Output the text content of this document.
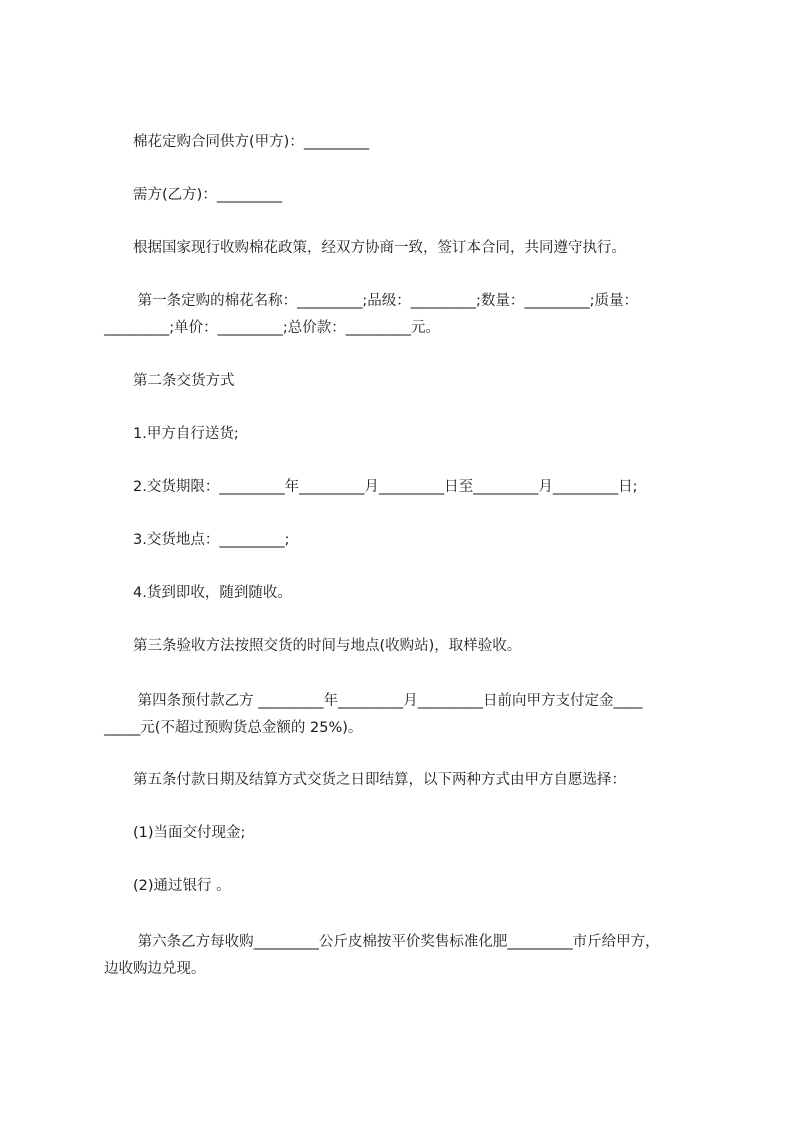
　　棉花定购合同供方(甲方)：_________
　　需方(乙方)：_________
　　根据国家现行收购棉花政策，经双方协商一致，签订本合同，共同遵守执行。
　　 第一条定购的棉花名称：_________;品级：_________;数量：_________;质量：
_________;单价：_________;总价款：_________元。
　　第二条交货方式
　　1.甲方自行送货;
　　2.交货期限：_________年_________月_________日至_________月_________日;
　　3.交货地点：_________;
　　4.货到即收，随到随收。
　　第三条验收方法按照交货的时间与地点(收购站)，取样验收。
　　 第四条预付款乙方 _________年_________月_________日前向甲方支付定金____
_____元(不超过预购货总金额的 25%)。
　　第五条付款日期及结算方式交货之日即结算，以下两种方式由甲方自愿选择：
　　(1)当面交付现金;
　　(2)通过银行 。
　　 第六条乙方每收购_________公斤皮棉按平价奖售标准化肥_________市斤给甲方，
边收购边兑现。
